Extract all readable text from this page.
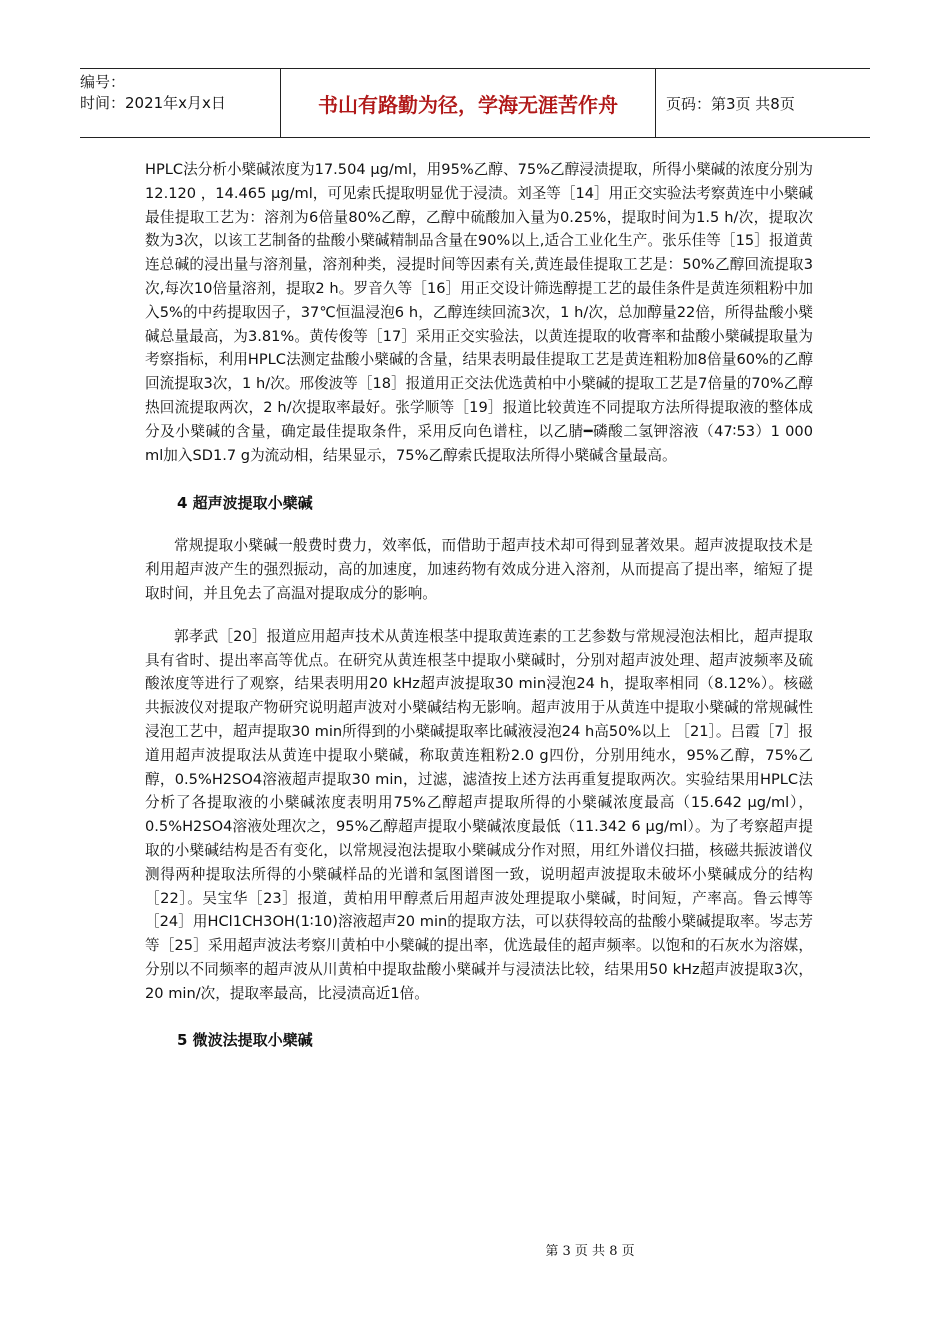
编号：
时间：2021年x月x日	书山有路勤为径，学海无涯苦作舟	页码：第3页 共8页

HPLC法分析小檗碱浓度为17.504 μg/ml，用95%乙醇、75%乙醇浸渍提取，所得小檗碱的浓度分别为12.120 ，14.465 μg/ml，可见索氏提取明显优于浸渍。刘圣等［14］用正交实验法考察黄连中小檗碱最佳提取工艺为：溶剂为6倍量80%乙醇，乙醇中硫酸加入量为0.25%，提取时间为1.5 h/次，提取次数为3次，以该工艺制备的盐酸小檗碱精制品含量在90%以上,适合工业化生产。张乐佳等［15］报道黄连总碱的浸出量与溶剂量，溶剂种类，浸提时间等因素有关,黄连最佳提取工艺是：50%乙醇回流提取3次,每次10倍量溶剂，提取2 h。罗音久等［16］用正交设计筛选醇提工艺的最佳条件是黄连须粗粉中加入5%的中药提取因子，37℃恒温浸泡6 h，乙醇连续回流3次，1 h/次，总加醇量22倍，所得盐酸小檗碱总量最高，为3.81%。黄传俊等［17］采用正交实验法，以黄连提取的收膏率和盐酸小檗碱提取量为考察指标，利用HPLC法测定盐酸小檗碱的含量，结果表明最佳提取工艺是黄连粗粉加8倍量60%的乙醇回流提取3次，1 h/次。邢俊波等［18］报道用正交法优选黄柏中小檗碱的提取工艺是7倍量的70%乙醇热回流提取两次，2 h/次提取率最好。张学顺等［19］报道比较黄连不同提取方法所得提取液的整体成分及小檗碱的含量，确定最佳提取条件，采用反向色谱柱，以乙腈━磷酸二氢钾溶液（47∶53）1 000 ml加入SD1.7 g为流动相，结果显示，75%乙醇索氏提取法所得小檗碱含量最高。

4 超声波提取小檗碱

常规提取小檗碱一般费时费力，效率低，而借助于超声技术却可得到显著效果。超声波提取技术是利用超声波产生的强烈振动，高的加速度，加速药物有效成分进入溶剂，从而提高了提出率，缩短了提取时间，并且免去了高温对提取成分的影响。

郭孝武［20］报道应用超声技术从黄连根茎中提取黄连素的工艺参数与常规浸泡法相比，超声提取具有省时、提出率高等优点。在研究从黄连根茎中提取小檗碱时，分别对超声波处理、超声波频率及硫酸浓度等进行了观察，结果表明用20 kHz超声波提取30 min浸泡24 h，提取率相同（8.12%）。核磁共振波仪对提取产物研究说明超声波对小檗碱结构无影响。超声波用于从黄连中提取小檗碱的常规碱性浸泡工艺中，超声提取30 min所得到的小檗碱提取率比碱液浸泡24 h高50%以上 ［21］。吕霞［7］报道用超声波提取法从黄连中提取小檗碱，称取黄连粗粉2.0 g四份，分别用纯水，95%乙醇，75%乙醇，0.5%H2SO4溶液超声提取30 min，过滤，滤渣按上述方法再重复提取两次。实验结果用HPLC法分析了各提取液的小檗碱浓度表明用75%乙醇超声提取所得的小檗碱浓度最高（15.642 μg/ml），0.5%H2SO4溶液处理次之，95%乙醇超声提取小檗碱浓度最低（11.342 6 μg/ml）。为了考察超声提取的小檗碱结构是否有变化，以常规浸泡法提取小檗碱成分作对照，用红外谱仪扫描，核磁共振波谱仪测得两种提取法所得的小檗碱样品的光谱和氢图谱图一致，说明超声波提取未破坏小檗碱成分的结构［22］。吴宝华［23］报道，黄柏用甲醇煮后用超声波处理提取小檗碱，时间短，产率高。鲁云博等［24］用HCl1CH3OH(1∶10)溶液超声20 min的提取方法，可以获得较高的盐酸小檗碱提取率。岑志芳等［25］采用超声波法考察川黄柏中小檗碱的提出率，优选最佳的超声频率。以饱和的石灰水为溶媒，分别以不同频率的超声波从川黄柏中提取盐酸小檗碱并与浸渍法比较，结果用50 kHz超声波提取3次，20 min/次，提取率最高，比浸渍高近1倍。

5 微波法提取小檗碱

第 3 页 共 8 页
